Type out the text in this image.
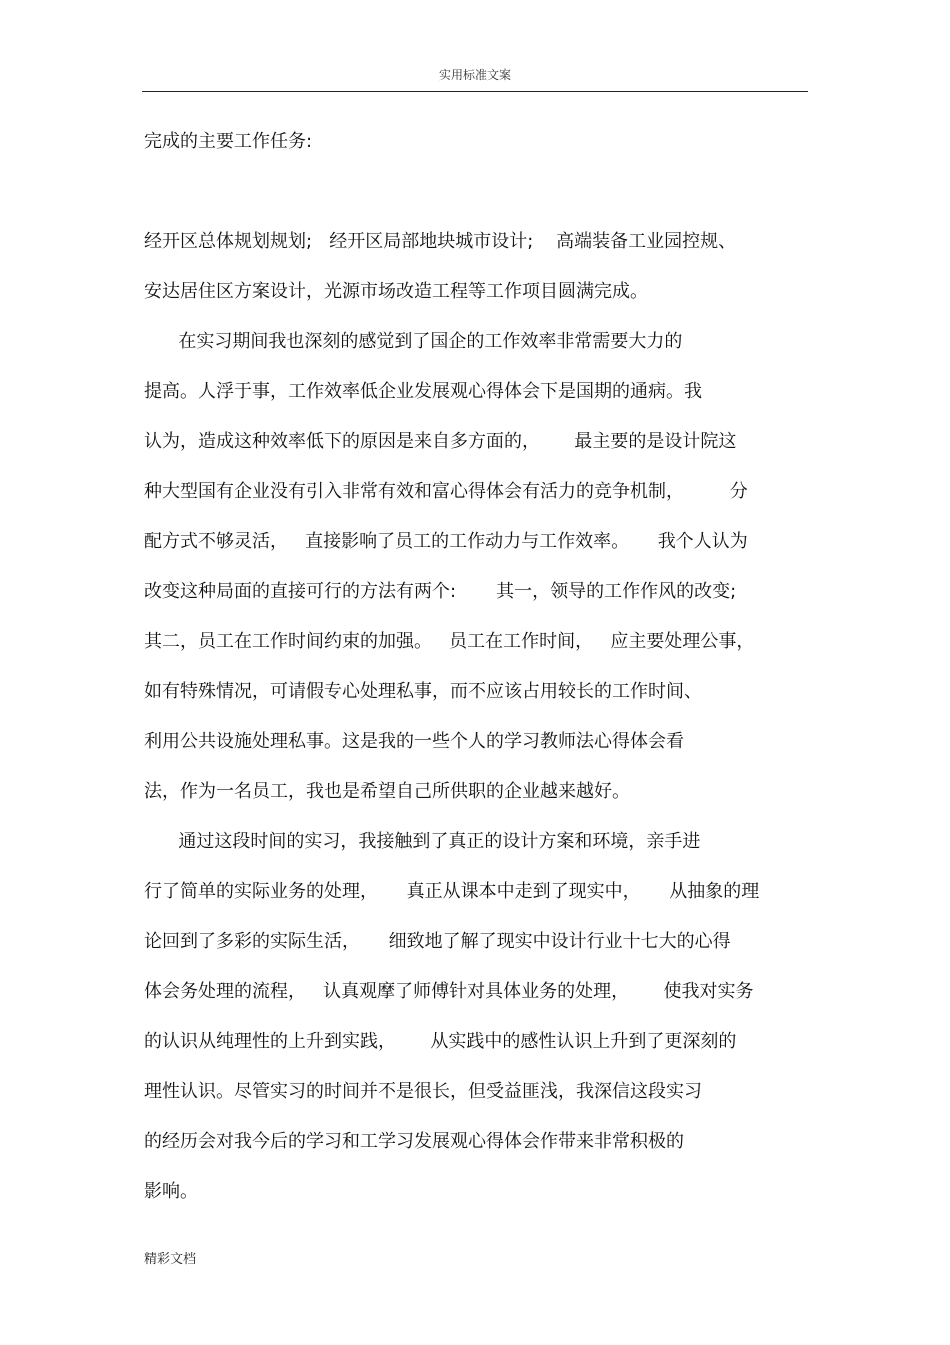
实用标准文案
完成的主要工作任务:
经开区总体规划规划;   经开区局部地块城市设计;    高端装备工业园控规、
安达居住区方案设计，光源市场改造工程等工作项目圆满完成。
在实习期间我也深刻的感觉到了国企的工作效率非常需要大力的
提高。人浮于事，工作效率低企业发展观心得体会下是国期的通病。我
认为，造成这种效率低下的原因是来自多方面的，      最主要的是设计院这
种大型国有企业没有引入非常有效和富心得体会有活力的竞争机制，        分
配方式不够灵活，   直接影响了员工的工作动力与工作效率。     我个人认为
改变这种局面的直接可行的方法有两个:       其一，领导的工作作风的改变;
其二，员工在工作时间约束的加强。   员工在工作时间，   应主要处理公事，
如有特殊情况，可请假专心处理私事，而不应该占用较长的工作时间、
利用公共设施处理私事。这是我的一些个人的学习教师法心得体会看
法，作为一名员工，我也是希望自己所供职的企业越来越好。
通过这段时间的实习，我接触到了真正的设计方案和环境，亲手进
行了简单的实际业务的处理，     真正从课本中走到了现实中，     从抽象的理
论回到了多彩的实际生活，     细致地了解了现实中设计行业十七大的心得
体会务处理的流程，   认真观摩了师傅针对具体业务的处理，      使我对实务
的认识从纯理性的上升到实践，      从实践中的感性认识上升到了更深刻的
理性认识。尽管实习的时间并不是很长，但受益匪浅，我深信这段实习
的经历会对我今后的学习和工学习发展观心得体会作带来非常积极的
影响。
精彩文档
